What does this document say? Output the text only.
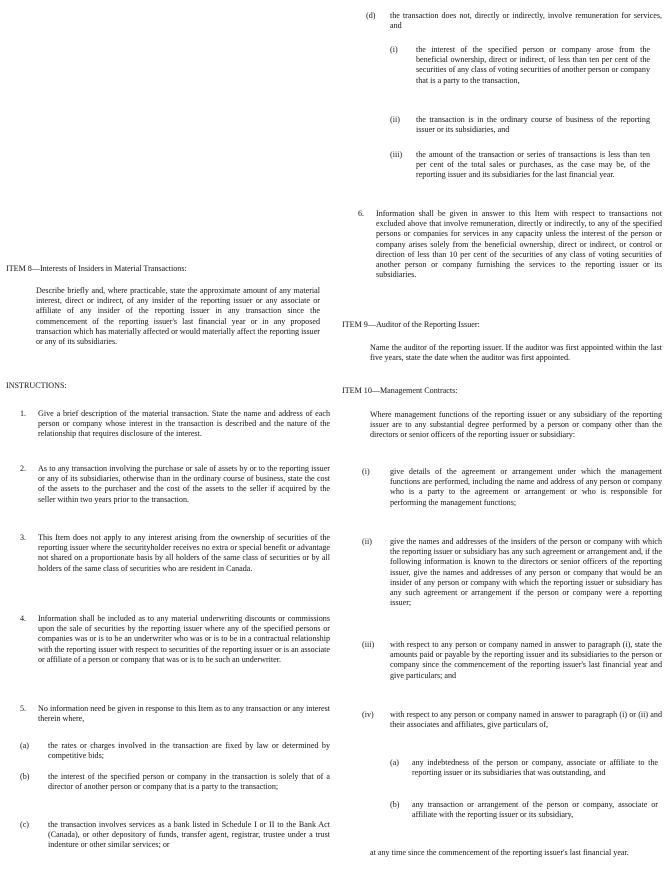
ITEM 8—Interests of Insiders in Material Transactions:

Describe briefly and, where practicable, state the approximate amount of any material interest, direct or indirect, of any insider of the reporting issuer or any associate or affiliate of any insider of the reporting issuer in any transaction since the commencement of the reporting issuer's last financial year or in any proposed transaction which has materially affected or would materially affect the reporting issuer or any of its subsidiaries.

INSTRUCTIONS:
1. Give a brief description of the material transaction. State the name and address of each person or company whose interest in the transaction is described and the nature of the relationship that requires disclosure of the interest.

2. As to any transaction involving the purchase or sale of assets by or to the reporting issuer or any of its subsidiaries, otherwise than in the ordinary course of business, state the cost of the assets to the purchaser and the cost of the assets to the seller if acquired by the seller within two years prior to the transaction.

3. This Item does not apply to any interest arising from the ownership of securities of the reporting issuer where the securityholder receives no extra or special benefit or advantage not shared on a proportionate basis by all holders of the same class of securities or by all holders of the same class of securities who are resident in Canada.

4. Information shall be included as to any material underwriting discounts or commissions upon the sale of securities by the reporting issuer where any of the specified persons or companies was or is to be an underwriter who was or is to be in a contractual relationship with the reporting issuer with respect to securities of the reporting issuer or is an associate or affiliate of a person or company that was or is to be such an underwriter.

5. No information need be given in response to this Item as to any transaction or any interest therein where,

(a) the rates or charges involved in the transaction are fixed by law or determined by competitive bids;

(b) the interest of the specified person or company in the transaction is solely that of a director of another person or company that is a party to the transaction;

(c) the transaction involves services as a bank listed in Schedule I or II to the Bank Act (Canada), or other depository of funds, transfer agent, registrar, trustee under a trust indenture or other similar services; or

(d) the transaction does not, directly or indirectly, involve remuneration for services, and

(i) the interest of the specified person or company arose from the beneficial ownership, direct or indirect, of less than ten per cent of the securities of any class of voting securities of another person or company that is a party to the transaction,

(ii) the transaction is in the ordinary course of business of the reporting issuer or its subsidiaries, and

(iii) the amount of the transaction or series of transactions is less than ten per cent of the total sales or purchases, as the case may be, of the reporting issuer and its subsidiaries for the last financial year.

6. Information shall be given in answer to this Item with respect to transactions not excluded above that involve remuneration, directly or indirectly, to any of the specified persons or companies for services in any capacity unless the interest of the person or company arises solely from the beneficial ownership, direct or indirect, or control or direction of less than 10 per cent of the securities of any class of voting securities of another person or company furnishing the services to the reporting issuer or its subsidiaries.

ITEM 9—Auditor of the Reporting Issuer:

Name the auditor of the reporting issuer. If the auditor was first appointed within the last five years, state the date when the auditor was first appointed.

ITEM 10—Management Contracts:

Where management functions of the reporting issuer or any subsidiary of the reporting issuer are to any substantial degree performed by a person or company other than the directors or senior officers of the reporting issuer or subsidiary:

(i)	give details of the agreement or arrangement under which the management functions are performed, including the name and address of any person or company who is a party to the agreement or arrangement or who is responsible for performing the management functions;

(ii) give the names and addresses of the insiders of the person or company with which the reporting issuer or subsidiary has any such agreement or arrangement and, if the following information is known to the directors or senior officers of the reporting issuer, give the names and addresses of any person or company that would be an insider of any person or company with which the reporting issuer or subsidiary has any such agreement or arrangement if the person or company were a reporting issuer;

(iii) with respect to any person or company named in answer to paragraph (i), state the amounts paid or payable by the reporting issuer and its subsidiaries to the person or company since the commencement of the reporting issuer's last financial year and give particulars; and

(iv) with respect to any person or company named in answer to paragraph (i) or (ii) and their associates and affiliates, give particulars of,

(a) any indebtedness of the person or company, associate or affiliate to the reporting issuer or its subsidiaries that was outstanding, and

(b) any transaction or arrangement of the person or company, associate or affiliate with the reporting issuer or its subsidiary,

at any time since the commencement of the reporting issuer's last financial year.
